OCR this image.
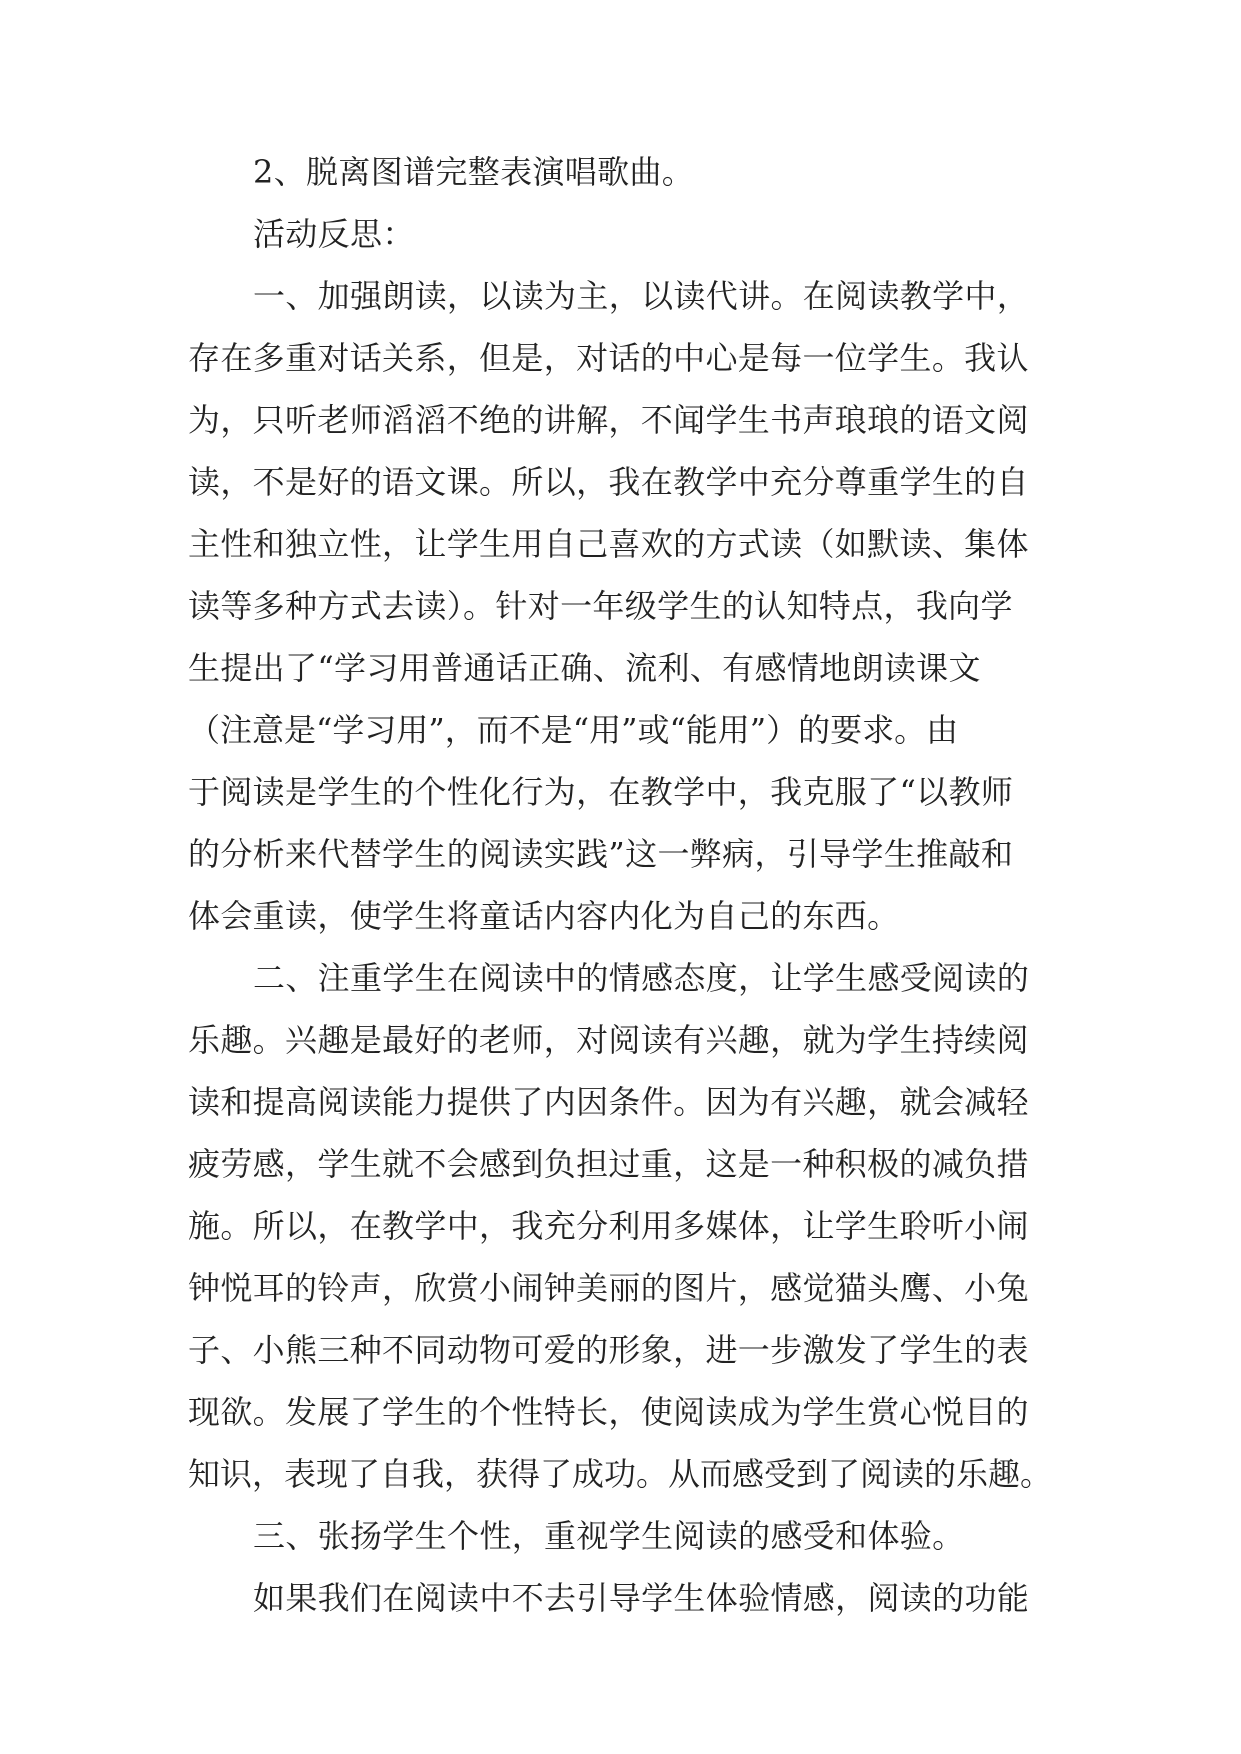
2、脱离图谱完整表演唱歌曲。
活动反思：
一、加强朗读，以读为主，以读代讲。在阅读教学中，
存在多重对话关系，但是，对话的中心是每一位学生。我认
为，只听老师滔滔不绝的讲解，不闻学生书声琅琅的语文阅
读，不是好的语文课。所以，我在教学中充分尊重学生的自
主性和独立性，让学生用自己喜欢的方式读（如默读、集体
读等多种方式去读）。针对一年级学生的认知特点，我向学
生提出了“学习用普通话正确、流利、有感情地朗读课文
（注意是“学习用”，而不是“用”或“能用”）的要求。由
于阅读是学生的个性化行为，在教学中，我克服了“以教师
的分析来代替学生的阅读实践”这一弊病，引导学生推敲和
体会重读，使学生将童话内容内化为自己的东西。
二、注重学生在阅读中的情感态度，让学生感受阅读的
乐趣。兴趣是最好的老师，对阅读有兴趣，就为学生持续阅
读和提高阅读能力提供了内因条件。因为有兴趣，就会减轻
疲劳感，学生就不会感到负担过重，这是一种积极的减负措
施。所以，在教学中，我充分利用多媒体，让学生聆听小闹
钟悦耳的铃声，欣赏小闹钟美丽的图片，感觉猫头鹰、小兔
子、小熊三种不同动物可爱的形象，进一步激发了学生的表
现欲。发展了学生的个性特长，使阅读成为学生赏心悦目的
知识，表现了自我，获得了成功。从而感受到了阅读的乐趣。
三、张扬学生个性，重视学生阅读的感受和体验。
如果我们在阅读中不去引导学生体验情感，阅读的功能
